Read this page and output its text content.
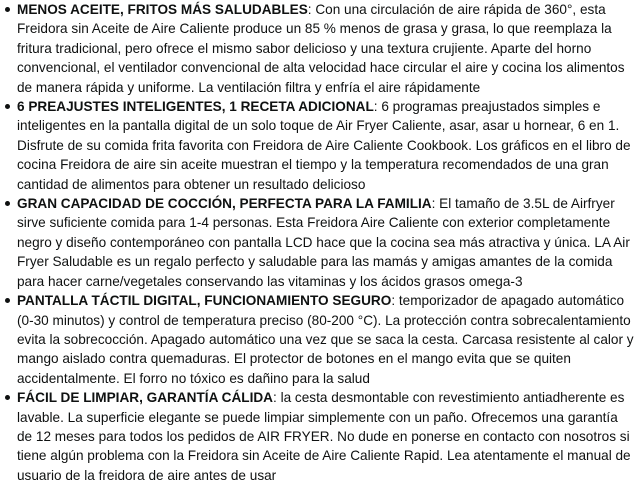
MENOS ACEITE, FRITOS MÁS SALUDABLES: Con una circulación de aire rápida de 360°, esta Freidora sin Aceite de Aire Caliente produce un 85 % menos de grasa y grasa, lo que reemplaza la fritura tradicional, pero ofrece el mismo sabor delicioso y una textura crujiente. Aparte del horno convencional, el ventilador convencional de alta velocidad hace circular el aire y cocina los alimentos de manera rápida y uniforme. La ventilación filtra y enfría el aire rápidamente
6 PREAJUSTES INTELIGENTES, 1 RECETA ADICIONAL: 6 programas preajustados simples e inteligentes en la pantalla digital de un solo toque de Air Fryer Caliente, asar, asar u hornear, 6 en 1. Disfrute de su comida frita favorita con Freidora de Aire Caliente Cookbook. Los gráficos en el libro de cocina Freidora de aire sin aceite muestran el tiempo y la temperatura recomendados de una gran cantidad de alimentos para obtener un resultado delicioso
GRAN CAPACIDAD DE COCCIÓN, PERFECTA PARA LA FAMILIA: El tamaño de 3.5L de Airfryer sirve suficiente comida para 1-4 personas. Esta Freidora Aire Caliente con exterior completamente negro y diseño contemporáneo con pantalla LCD hace que la cocina sea más atractiva y única. LA Air Fryer Saludable es un regalo perfecto y saludable para las mamás y amigas amantes de la comida para hacer carne/vegetales conservando las vitaminas y los ácidos grasos omega-3
PANTALLA TÁCTIL DIGITAL, FUNCIONAMIENTO SEGURO: temporizador de apagado automático (0-30 minutos) y control de temperatura preciso (80-200 °C). La protección contra sobrecalentamiento evita la sobrecocción. Apagado automático una vez que se saca la cesta. Carcasa resistente al calor y mango aislado contra quemaduras. El protector de botones en el mango evita que se quiten accidentalmente. El forro no tóxico es dañino para la salud
FÁCIL DE LIMPIAR, GARANTÍA CÁLIDA: la cesta desmontable con revestimiento antiadherente es lavable. La superficie elegante se puede limpiar simplemente con un paño. Ofrecemos una garantía de 12 meses para todos los pedidos de AIR FRYER. No dude en ponerse en contacto con nosotros si tiene algún problema con la Freidora sin Aceite de Aire Caliente Rapid. Lea atentamente el manual de usuario de la freidora de aire antes de usar
